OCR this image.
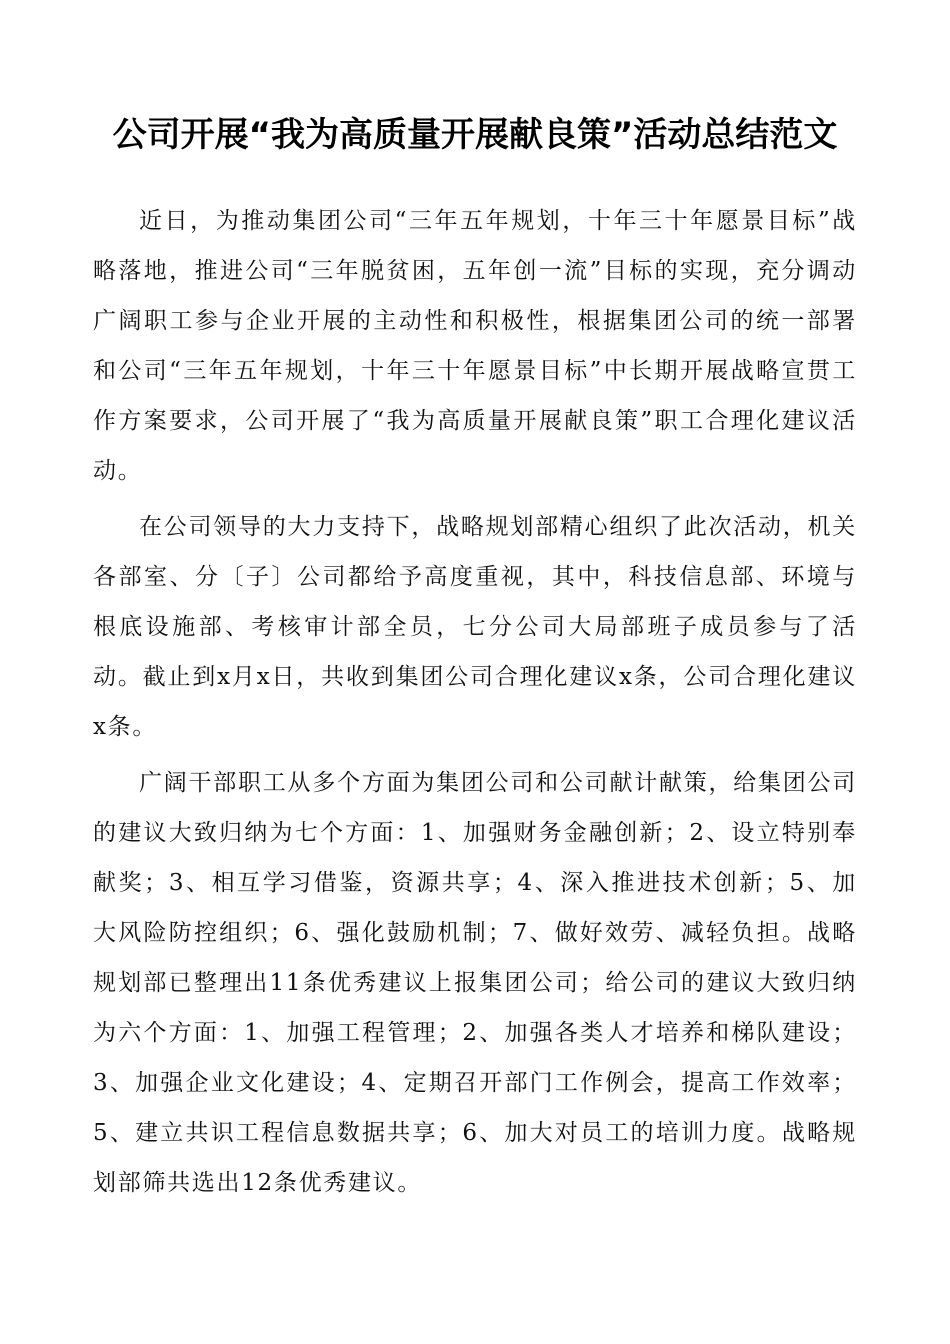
公司开展“我为高质量开展献良策”活动总结范文

近日，为推动集团公司“三年五年规划，十年三十年愿景目标”战略落地，推进公司“三年脱贫困，五年创一流”目标的实现，充分调动广阔职工参与企业开展的主动性和积极性，根据集团公司的统一部署和公司“三年五年规划，十年三十年愿景目标”中长期开展战略宣贯工作方案要求，公司开展了“我为高质量开展献良策”职工合理化建议活动。

在公司领导的大力支持下，战略规划部精心组织了此次活动，机关各部室、分〔子〕公司都给予高度重视，其中，科技信息部、环境与根底设施部、考核审计部全员，七分公司大局部班子成员参与了活动。截止到x月x日，共收到集团公司合理化建议x条，公司合理化建议x条。

广阔干部职工从多个方面为集团公司和公司献计献策，给集团公司的建议大致归纳为七个方面：1、加强财务金融创新；2、设立特别奉献奖；3、相互学习借鉴，资源共享；4、深入推进技术创新；5、加大风险防控组织；6、强化鼓励机制；7、做好效劳、减轻负担。战略规划部已整理出11条优秀建议上报集团公司；给公司的建议大致归纳为六个方面：1、加强工程管理；2、加强各类人才培养和梯队建设；3、加强企业文化建设；4、定期召开部门工作例会，提高工作效率；5、建立共识工程信息数据共享；6、加大对员工的培训力度。战略规划部筛共选出12条优秀建议。
